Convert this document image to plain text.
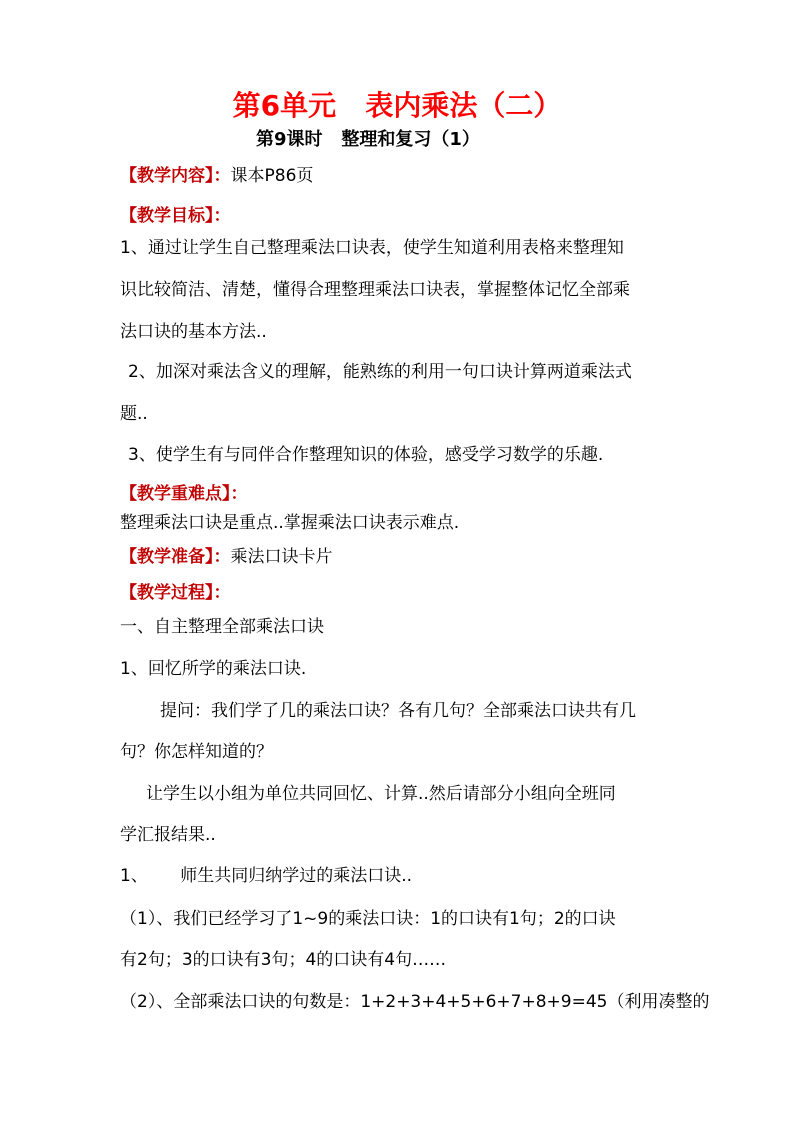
第6单元   表内乘法（二）
第9课时   整理和复习（1）
【教学内容】：课本P86页
【教学目标】：
1、通过让学生自己整理乘法口诀表，使学生知道利用表格来整理知
识比较简洁、清楚，懂得合理整理乘法口诀表，掌握整体记忆全部乘
法口诀的基本方法..
2、加深对乘法含义的理解，能熟练的利用一句口诀计算两道乘法式
题..
3、使学生有与同伴合作整理知识的体验，感受学习数学的乐趣.
【教学重难点】：
整理乘法口诀是重点..掌握乘法口诀表示难点.
【教学准备】：乘法口诀卡片
【教学过程】：
一、自主整理全部乘法口诀
1、回忆所学的乘法口诀.
提问：我们学了几的乘法口诀？各有几句？全部乘法口诀共有几
句？你怎样知道的？
让学生以小组为单位共同回忆、计算..然后请部分小组向全班同
学汇报结果..
1、      师生共同归纳学过的乘法口诀..
（1）、我们已经学习了1~9的乘法口诀：1的口诀有1句；2的口诀
有2句；3的口诀有3句；4的口诀有4句……
（2）、全部乘法口诀的句数是：1+2+3+4+5+6+7+8+9=45（利用凑整的
